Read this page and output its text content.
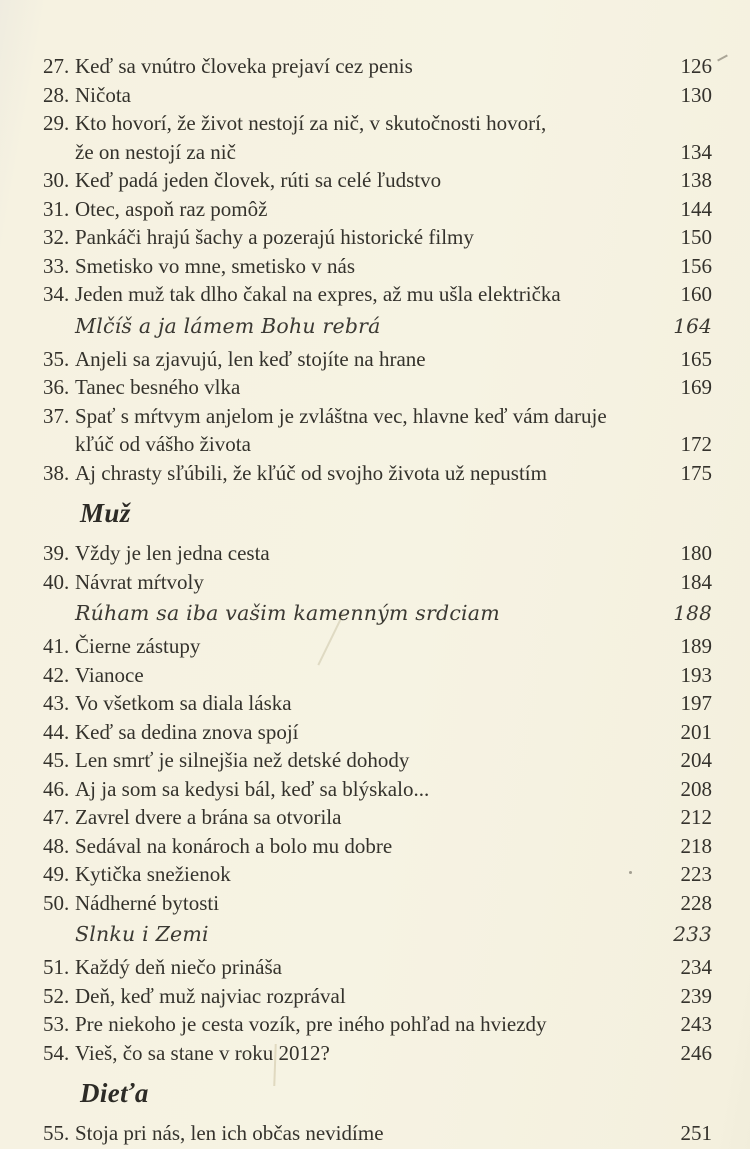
27. Keď sa vnútro človeka prejaví cez penis	126
28. Ničota	130
29. Kto hovorí, že život nestojí za nič, v skutočnosti hovorí,
že on nestojí za nič	134
30. Keď padá jeden človek, rúti sa celé ľudstvo	138
31. Otec, aspoň raz pomôž	144
32. Pankáči hrajú šachy a pozerajú historické filmy	150
33. Smetisko vo mne, smetisko v nás	156
34. Jeden muž tak dlho čakal na expres, až mu ušla električka	160
Mlčíš a ja lámem Bohu rebrá	164
35. Anjeli sa zjavujú, len keď stojíte na hrane	165
36. Tanec besného vlka	169
37. Spať s mŕtvym anjelom je zvláštna vec, hlavne keď vám daruje
kľúč od vášho života	172
38. Aj chrasty sľúbili, že kľúč od svojho života už nepustím	175
Muž
39. Vždy je len jedna cesta	180
40. Návrat mŕtvoly	184
Rúham sa iba vašim kamenným srdciam	188
41. Čierne zástupy	189
42. Vianoce	193
43. Vo všetkom sa diala láska	197
44. Keď sa dedina znova spojí	201
45. Len smrť je silnejšia než detské dohody	204
46. Aj ja som sa kedysi bál, keď sa blýskalo...	208
47. Zavrel dvere a brána sa otvorila	212
48. Sedával na konároch a bolo mu dobre	218
49. Kytička snežienok	223
50. Nádherné bytosti	228
Slnku i Zemi	233
51. Každý deň niečo prináša	234
52. Deň, keď muž najviac rozprával	239
53. Pre niekoho je cesta vozík, pre iného pohľad na hviezdy	243
54. Vieš, čo sa stane v roku 2012?	246
Dieťa
55. Stoja pri nás, len ich občas nevidíme	251
